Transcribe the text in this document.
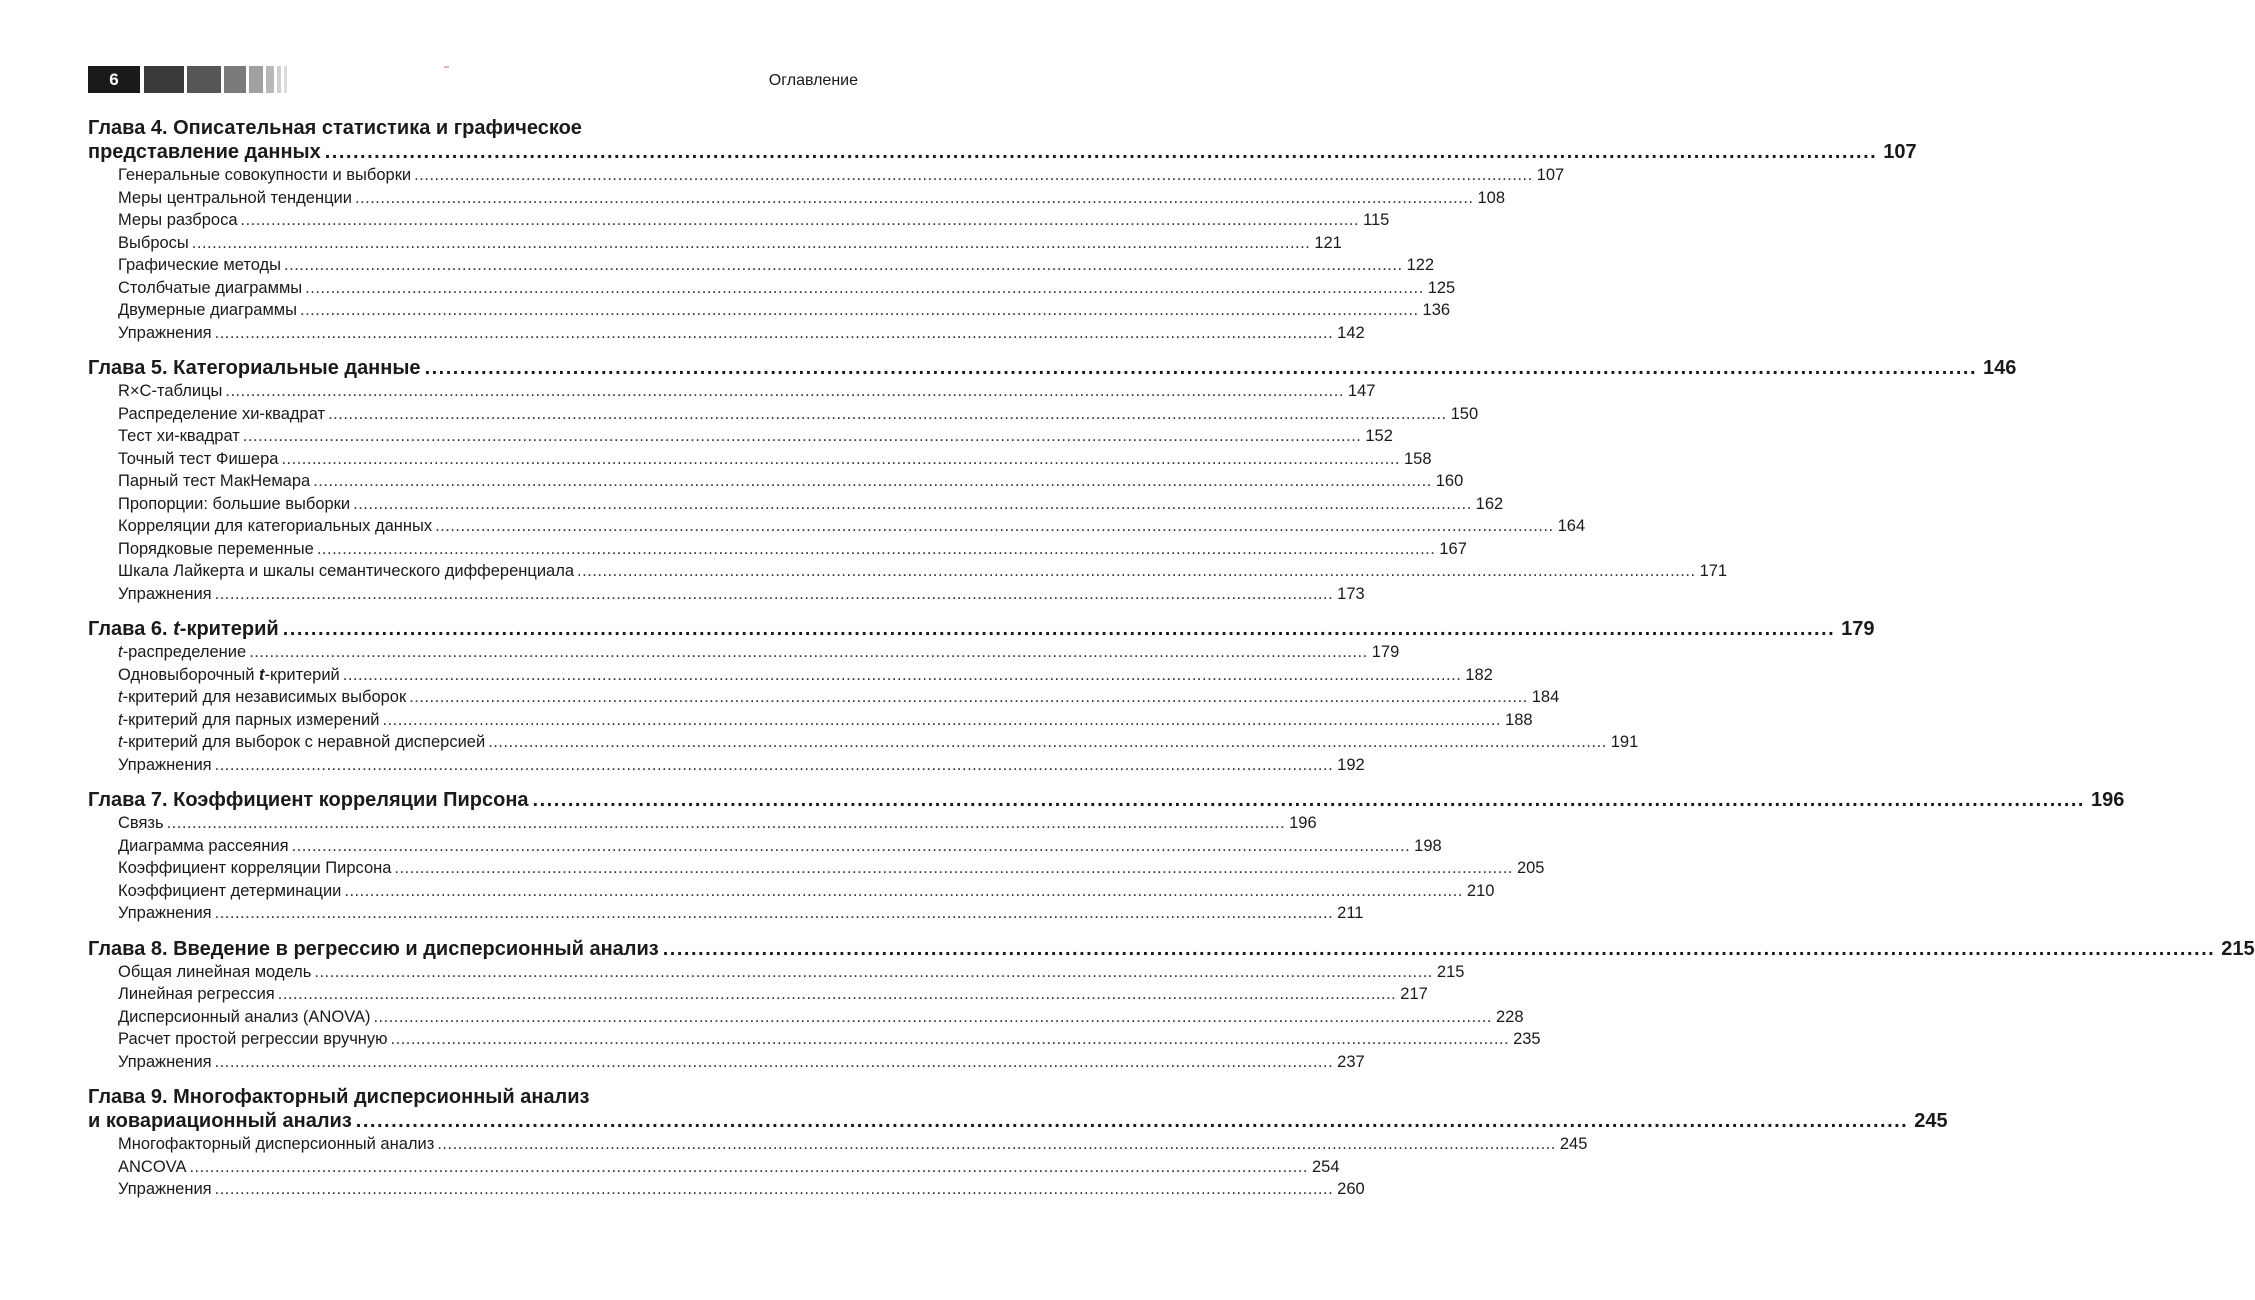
6	Оглавление
Глава 4. Описательная статистика и графическое
представление данных ............................................................................................................................................................................................................................ 107
Генеральные совокупности и выборки ............................................................................................................................................................................................................................ 107
Меры центральной тенденции ............................................................................................................................................................................................................................ 108
Меры разброса ............................................................................................................................................................................................................................ 115
Выбросы ............................................................................................................................................................................................................................ 121
Графические методы ............................................................................................................................................................................................................................ 122
Столбчатые диаграммы ............................................................................................................................................................................................................................ 125
Двумерные диаграммы ............................................................................................................................................................................................................................ 136
Упражнения ............................................................................................................................................................................................................................ 142
Глава 5. Категориальные данные ............................................................................................................................................................................................................................ 146
R×C-таблицы ............................................................................................................................................................................................................................ 147
Распределение хи-квадрат ............................................................................................................................................................................................................................ 150
Тест хи-квадрат ............................................................................................................................................................................................................................ 152
Точный тест Фишера ............................................................................................................................................................................................................................ 158
Парный тест МакНемара ............................................................................................................................................................................................................................ 160
Пропорции: большие выборки ............................................................................................................................................................................................................................ 162
Корреляции для категориальных данных ............................................................................................................................................................................................................................ 164
Порядковые переменные ............................................................................................................................................................................................................................ 167
Шкала Лайкерта и шкалы семантического дифференциала ............................................................................................................................................................................................................................ 171
Упражнения ............................................................................................................................................................................................................................ 173
Глава 6. t-критерий ............................................................................................................................................................................................................................ 179
t-распределение ............................................................................................................................................................................................................................ 179
Одновыборочный t-критерий ............................................................................................................................................................................................................................ 182
t-критерий для независимых выборок ............................................................................................................................................................................................................................ 184
t-критерий для парных измерений ............................................................................................................................................................................................................................ 188
t-критерий для выборок с неравной дисперсией ............................................................................................................................................................................................................................ 191
Упражнения ............................................................................................................................................................................................................................ 192
Глава 7. Коэффициент корреляции Пирсона ............................................................................................................................................................................................................................ 196
Связь ............................................................................................................................................................................................................................ 196
Диаграмма рассеяния ............................................................................................................................................................................................................................ 198
Коэффициент корреляции Пирсона ............................................................................................................................................................................................................................ 205
Коэффициент детерминации ............................................................................................................................................................................................................................ 210
Упражнения ............................................................................................................................................................................................................................ 211
Глава 8. Введение в регрессию и дисперсионный анализ ............................................................................................................................................................................................................................ 215
Общая линейная модель ............................................................................................................................................................................................................................ 215
Линейная регрессия ............................................................................................................................................................................................................................ 217
Дисперсионный анализ (ANOVA) ............................................................................................................................................................................................................................ 228
Расчет простой регрессии вручную ............................................................................................................................................................................................................................ 235
Упражнения ............................................................................................................................................................................................................................ 237
Глава 9. Многофакторный дисперсионный анализ
и ковариационный анализ ............................................................................................................................................................................................................................ 245
Многофакторный дисперсионный анализ ............................................................................................................................................................................................................................ 245
ANCOVA ............................................................................................................................................................................................................................ 254
Упражнения ............................................................................................................................................................................................................................ 260
